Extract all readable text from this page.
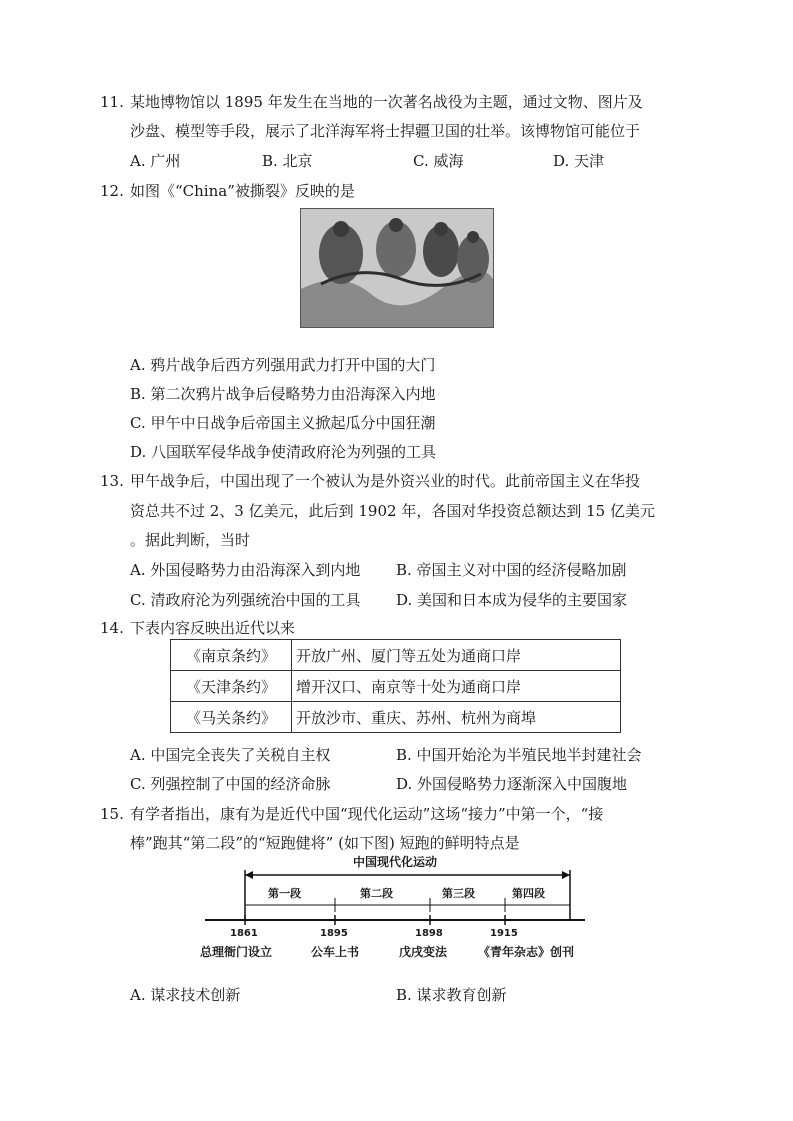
11. 某地博物馆以 1895 年发生在当地的一次著名战役为主题，通过文物、图片及
沙盘、模型等手段，展示了北洋海军将士捍疆卫国的壮举。该博物馆可能位于
A. 广州	B. 北京	C. 威海	D. 天津
12. 如图《“China”被撕裂》反映的是
A. 鸦片战争后西方列强用武力打开中国的大门
B. 第二次鸦片战争后侵略势力由沿海深入内地
C. 甲午中日战争后帝国主义掀起瓜分中国狂潮
D. 八国联军侵华战争使清政府沦为列强的工具
13. 甲午战争后，中国出现了一个被认为是外资兴业的时代。此前帝国主义在华投
资总共不过 2、3 亿美元，此后到 1902 年，各国对华投资总额达到 15 亿美元
。据此判断，当时
A. 外国侵略势力由沿海深入到内地 B. 帝国主义对中国的经济侵略加剧
C. 清政府沦为列强统治中国的工具 D. 美国和日本成为侵华的主要国家
14. 下表内容反映出近代以来
《南京条约》	开放广州、厦门等五处为通商口岸
《天津条约》	增开汉口、南京等十处为通商口岸
《马关条约》	开放沙市、重庆、苏州、杭州为商埠
A. 中国完全丧失了关税自主权	B. 中国开始沦为半殖民地半封建社会
C. 列强控制了中国的经济命脉	D. 外国侵略势力逐渐深入中国腹地
15. 有学者指出，康有为是近代中国“现代化运动”这场“接力”中第一个，“接
棒”跑其“第二段”的“短跑健将” (如下图) 短跑的鲜明特点是
中国现代化运动
第一段	第二段	第三段	第四段
1861	1895	1898	1915
总理衙门设立	公车上书	戊戌变法	《青年杂志》创刊
A. 谋求技术创新	B. 谋求教育创新
